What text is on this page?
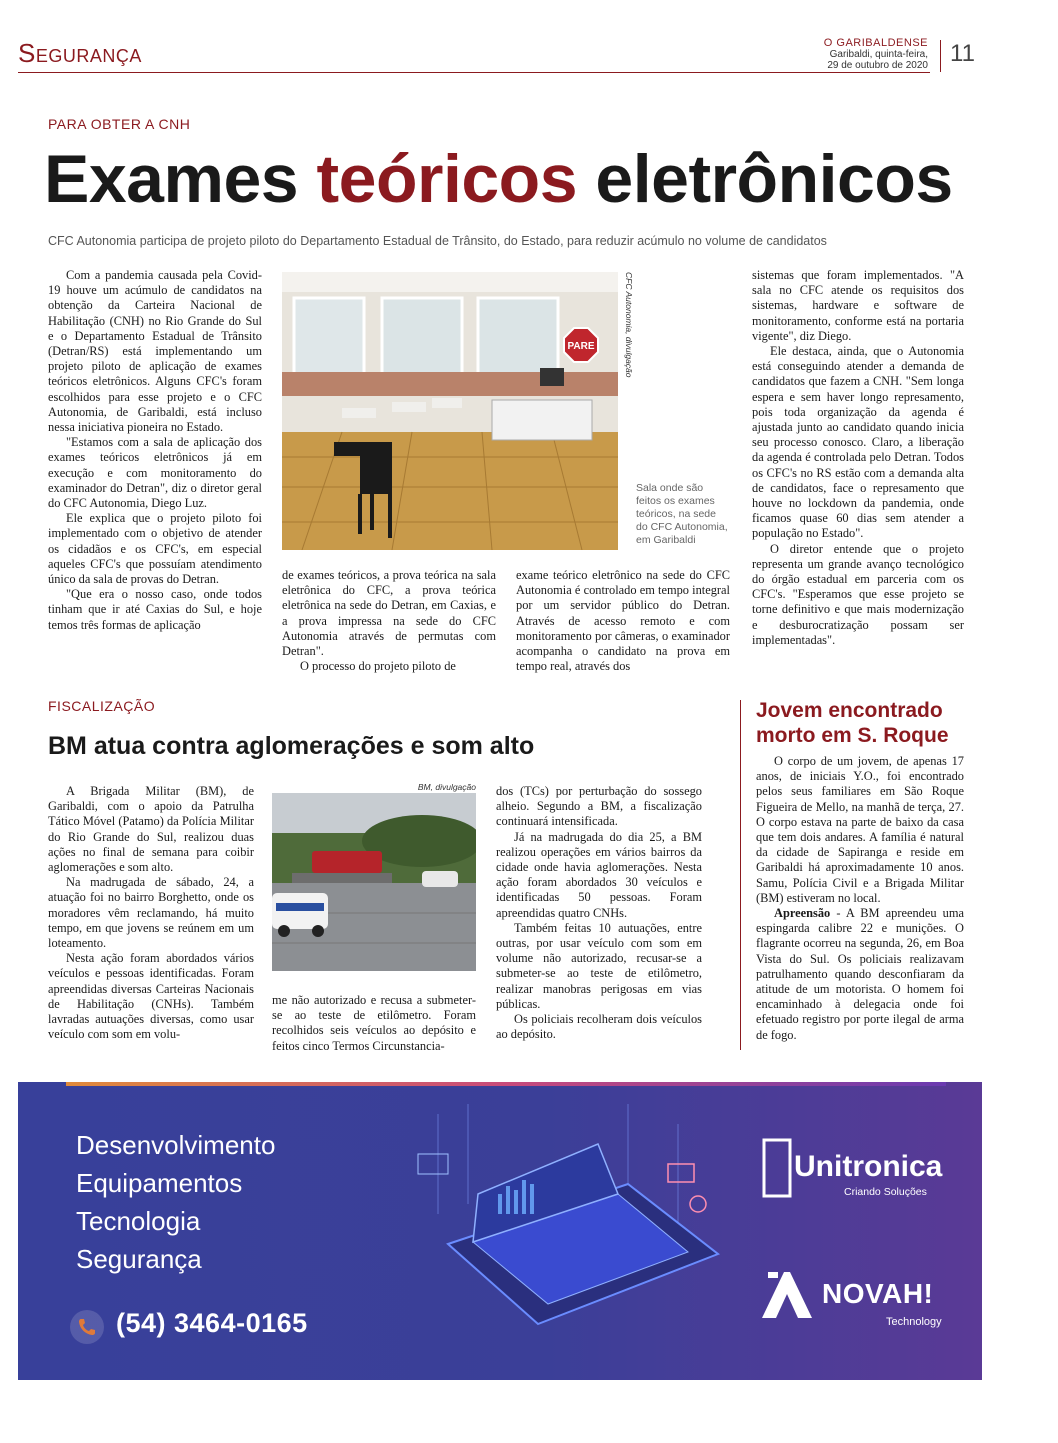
Segurança	O GARIBALDENSE
Garibaldi, quinta-feira,
29 de outubro de 2020 11
PARA OBTER A CNH
Exames teóricos eletrônicos
CFC Autonomia participa de projeto piloto do Departamento Estadual de Trânsito, do Estado, para reduzir acúmulo no volume de candidatos

Com a pandemia causada pela Covid-19 houve um acúmulo de candidatos na obtenção da Carteira Nacional de Habilitação (CNH) no Rio Grande do Sul e o Departamento Estadual de Trânsito (Detran/RS) está implementando um projeto piloto de aplicação de exames teóricos eletrônicos. Alguns CFC's foram escolhidos para esse projeto e o CFC Autonomia, de Garibaldi, está incluso nessa iniciativa pioneira no Estado.

"Estamos com a sala de aplicação dos exames teóricos eletrônicos já em execução e com monitoramento do examinador do Detran", diz o diretor geral do CFC Autonomia, Diego Luz.

Ele explica que o projeto piloto foi implementado com o objetivo de atender os cidadãos e os CFC's, em especial aqueles CFC's que possuíam atendimento único da sala de provas do Detran.

"Que era o nosso caso, onde todos tinham que ir até Caxias do Sul, e hoje temos três formas de aplicação

PARE	CFC Autonomia, divulgação
Sala onde são feitos os exames teóricos, na sede do CFC Autonomia, em Garibaldi

de exames teóricos, a prova teórica na sala eletrônica do CFC, a prova teórica eletrônica na sede do Detran, em Caxias, e a prova impressa na sede do CFC Autonomia através de permutas com Detran".

O processo do projeto piloto de

exame teórico eletrônico na sede do CFC Autonomia é controlado em tempo integral por um servidor público do Detran. Através de acesso remoto e com monitoramento por câmeras, o examinador acompanha o candidato na prova em tempo real, através dos

sistemas que foram implementados. "A sala no CFC atende os requisitos dos sistemas, hardware e software de monitoramento, conforme está na portaria vigente", diz Diego.

Ele destaca, ainda, que o Autonomia está conseguindo atender a demanda de candidatos que fazem a CNH. "Sem longa espera e sem haver longo represamento, pois toda organização da agenda é ajustada junto ao candidato quando inicia seu processo conosco. Claro, a liberação da agenda é controlada pelo Detran. Todos os CFC's no RS estão com a demanda alta de candidatos, face o represamento que houve no lockdown da pandemia, onde ficamos quase 60 dias sem atender a população no Estado".

O diretor entende que o projeto representa um grande avanço tecnológico do órgão estadual em parceria com os CFC's. "Esperamos que esse projeto se torne definitivo e que mais modernização e desburocratização possam ser implementadas".

FISCALIZAÇÃO
BM atua contra aglomerações e som alto

A Brigada Militar (BM), de Garibaldi, com o apoio da Patrulha Tático Móvel (Patamo) da Polícia Militar do Rio Grande do Sul, realizou duas ações no final de semana para coibir aglomerações e som alto.

Na madrugada de sábado, 24, a atuação foi no bairro Borghetto, onde os moradores vêm reclamando, há muito tempo, em que jovens se reúnem em um loteamento.

Nesta ação foram abordados vários veículos e pessoas identificadas. Foram apreendidas diversas Carteiras Nacionais de Habilitação (CNHs). Também lavradas autuações diversas, como usar veículo com som em volu-

BM, divulgação

me não autorizado e recusa a submeter-se ao teste de etilômetro. Foram recolhidos seis veículos ao depósito e feitos cinco Termos Circunstancia-

dos (TCs) por perturbação do sossego alheio. Segundo a BM, a fiscalização continuará intensificada.

Já na madrugada do dia 25, a BM realizou operações em vários bairros da cidade onde havia aglomerações. Nesta ação foram abordados 30 veículos e identificadas 50 pessoas. Foram apreendidas quatro CNHs.

Também feitas 10 autuações, entre outras, por usar veículo com som em volume não autorizado, recusar-se a submeter-se ao teste de etilômetro, realizar manobras perigosas em vias públicas.

Os policiais recolheram dois veículos ao depósito.

Jovem encontrado morto em S. Roque

O corpo de um jovem, de apenas 17 anos, de iniciais Y.O., foi encontrado pelos seus familiares em São Roque Figueira de Mello, na manhã de terça, 27. O corpo estava na parte de baixo da casa que tem dois andares. A família é natural da cidade de Sapiranga e reside em Garibaldi há aproximadamente 10 anos. Samu, Polícia Civil e a Brigada Militar (BM) estiveram no local.

Apreensão - A BM apreendeu uma espingarda calibre 22 e munições. O flagrante ocorreu na segunda, 26, em Boa Vista do Sul. Os policiais realizavam patrulhamento quando desconfiaram da atitude de um motorista. O homem foi encaminhado à delegacia onde foi efetuado registro por porte ilegal de arma de fogo.

Desenvolvimento
Equipamentos
Tecnologia
Segurança
(54) 3464-0165
Unitronica
Criando Soluções
NOVAH!
Technology
